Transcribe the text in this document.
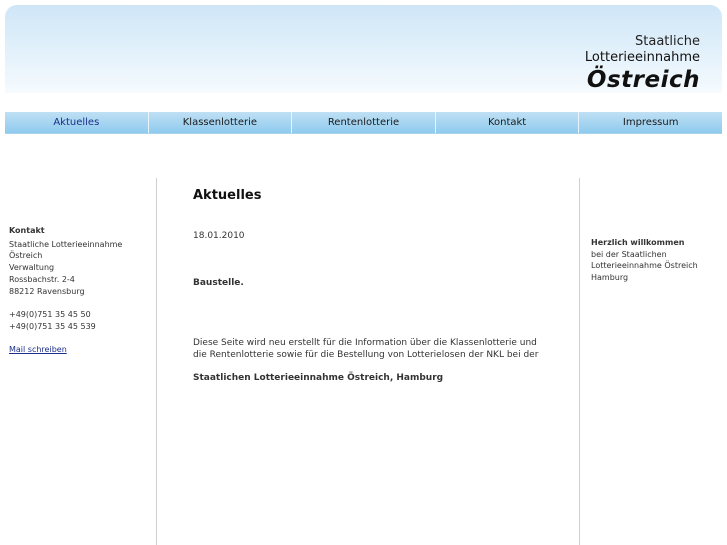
Staatliche
Lotterieeinnahme
Östreich
Aktuelles	Klassenlotterie	Rentenlotterie	Kontakt	Impressum
Kontakt
Staatliche Lotterieeinnahme
Östreich
Verwaltung
Rossbachstr. 2-4
88212 Ravensburg

+49(0)751 35 45 50
+49(0)751 35 45 539
Mail schreiben
Aktuelles
18.01.2010
Baustelle.
Diese Seite wird neu erstellt für die Information über die Klassenlotterie und die Rentenlotterie sowie für die Bestellung von Lotterielosen der NKL bei der
Staatlichen Lotterieeinnahme Östreich, Hamburg
Herzlich willkommen
bei der Staatlichen
Lotterieeinnahme Östreich
Hamburg
